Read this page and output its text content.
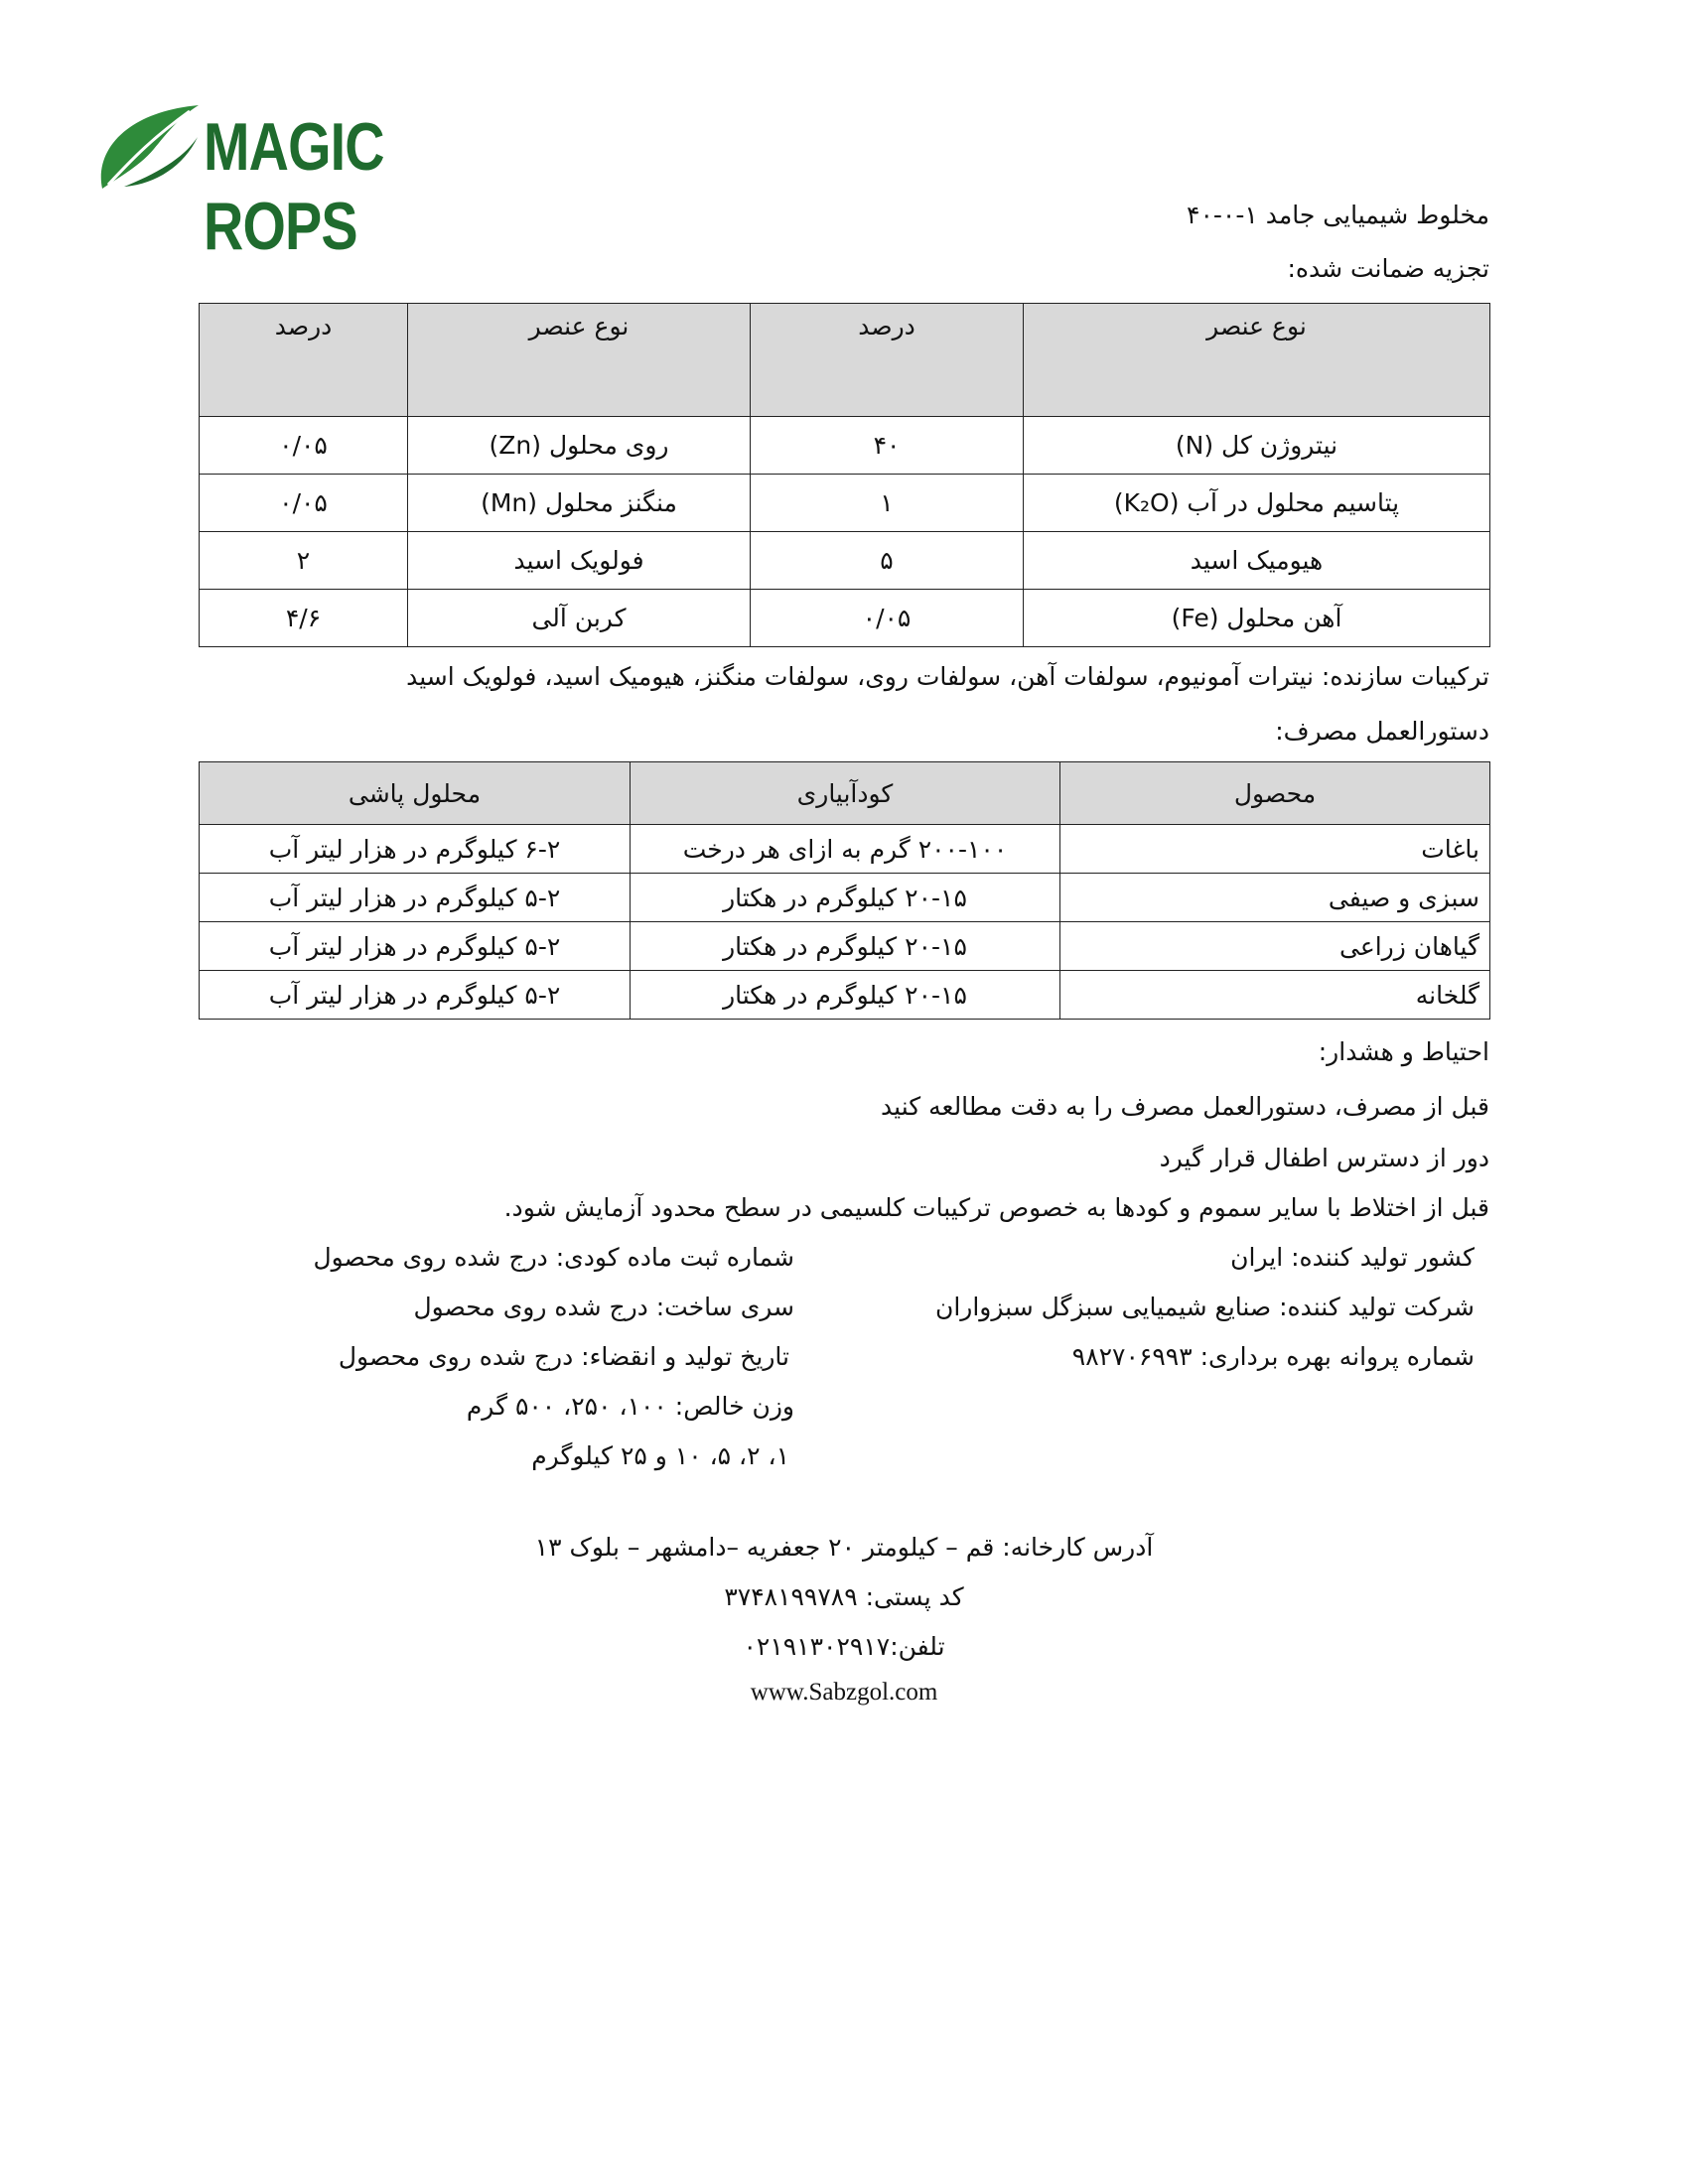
MAGIC ROPS	مخلوط شیمیایی جامد ۱-۰-۴۰
تجزیه ضمانت شده:
نوع عنصر	درصد	نوع عنصر	درصد
نیتروژن کل (N)	۴۰	روی محلول (Zn)	۰/۰۵
پتاسیم محلول در آب (K₂O)	۱	منگنز محلول (Mn)	۰/۰۵
هیومیک اسید	۵	فولویک اسید	۲
آهن محلول (Fe)	۰/۰۵	کربن آلی	۴/۶
ترکیبات سازنده: نیترات آمونیوم، سولفات آهن، سولفات روی، سولفات منگنز، هیومیک اسید، فولویک اسید
دستورالعمل مصرف:
محصول	کودآبیاری	محلول پاشی
باغات	۲۰۰-۱۰۰ گرم به ازای هر درخت	۶-۲ کیلوگرم در هزار لیتر آب
سبزی و صیفی	۲۰-۱۵ کیلوگرم در هکتار	۵-۲ کیلوگرم در هزار لیتر آب
گیاهان زراعی	۲۰-۱۵ کیلوگرم در هکتار	۵-۲ کیلوگرم در هزار لیتر آب
گلخانه	۲۰-۱۵ کیلوگرم در هکتار	۵-۲ کیلوگرم در هزار لیتر آب
احتیاط و هشدار:
قبل از مصرف، دستورالعمل مصرف را به دقت مطالعه کنید
دور از دسترس اطفال قرار گیرد
قبل از اختلاط با سایر سموم و کودها به خصوص ترکیبات کلسیمی در سطح محدود آزمایش شود.
کشور تولید کننده: ایران
شرکت تولید کننده: صنایع شیمیایی سبزگل سبزواران
شماره پروانه بهره برداری: ۹۸۲۷۰۶۹۹۳
شماره ثبت ماده کودی: درج شده روی محصول
سری ساخت: درج شده روی محصول
تاریخ تولید و انقضاء: درج شده روی محصول
وزن خالص: ۱۰۰، ۲۵۰، ۵۰۰ گرم
۱، ۲، ۵، ۱۰ و ۲۵ کیلوگرم
آدرس کارخانه: قم – کیلومتر ۲۰ جعفریه –دامشهر – بلوک ۱۳
کد پستی: ۳۷۴۸۱۹۹۷۸۹
تلفن:۰۲۱۹۱۳۰۲۹۱۷
www.Sabzgol.com
